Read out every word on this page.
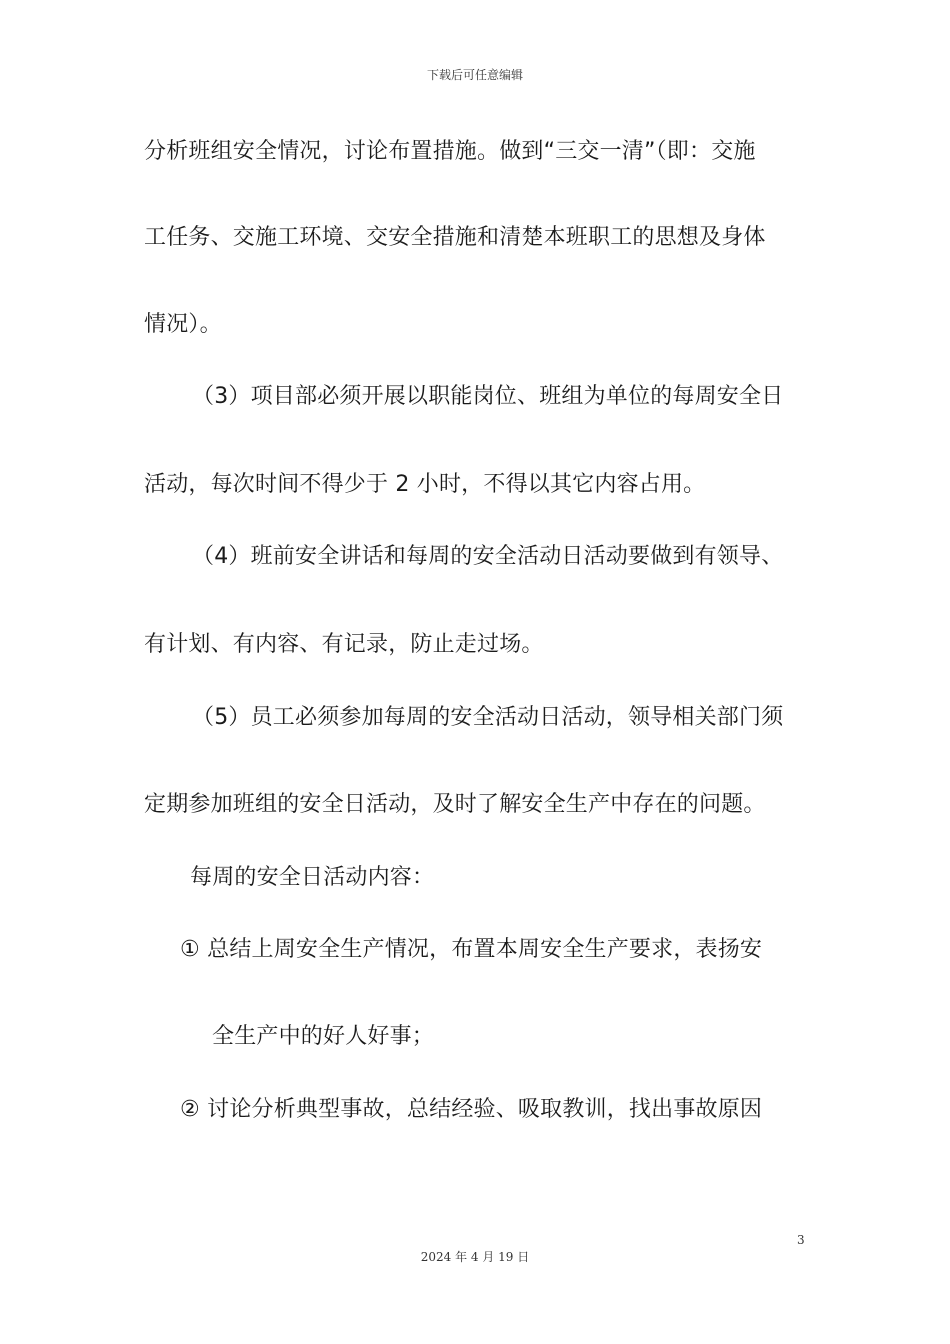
下载后可任意编辑
分析班组安全情况，讨论布置措施。做到“三交一清”（即：交施
工任务、交施工环境、交安全措施和清楚本班职工的思想及身体
情况）。
（3）项目部必须开展以职能岗位、班组为单位的每周安全日
活动，每次时间不得少于 2 小时，不得以其它内容占用。
（4）班前安全讲话和每周的安全活动日活动要做到有领导、
有计划、有内容、有记录，防止走过场。
（5）员工必须参加每周的安全活动日活动，领导相关部门须
定期参加班组的安全日活动，及时了解安全生产中存在的问题。
每周的安全日活动内容：
① 总结上周安全生产情况，布置本周安全生产要求，表扬安
全生产中的好人好事；
② 讨论分析典型事故，总结经验、吸取教训，找出事故原因
3
2024 年 4 月 19 日
